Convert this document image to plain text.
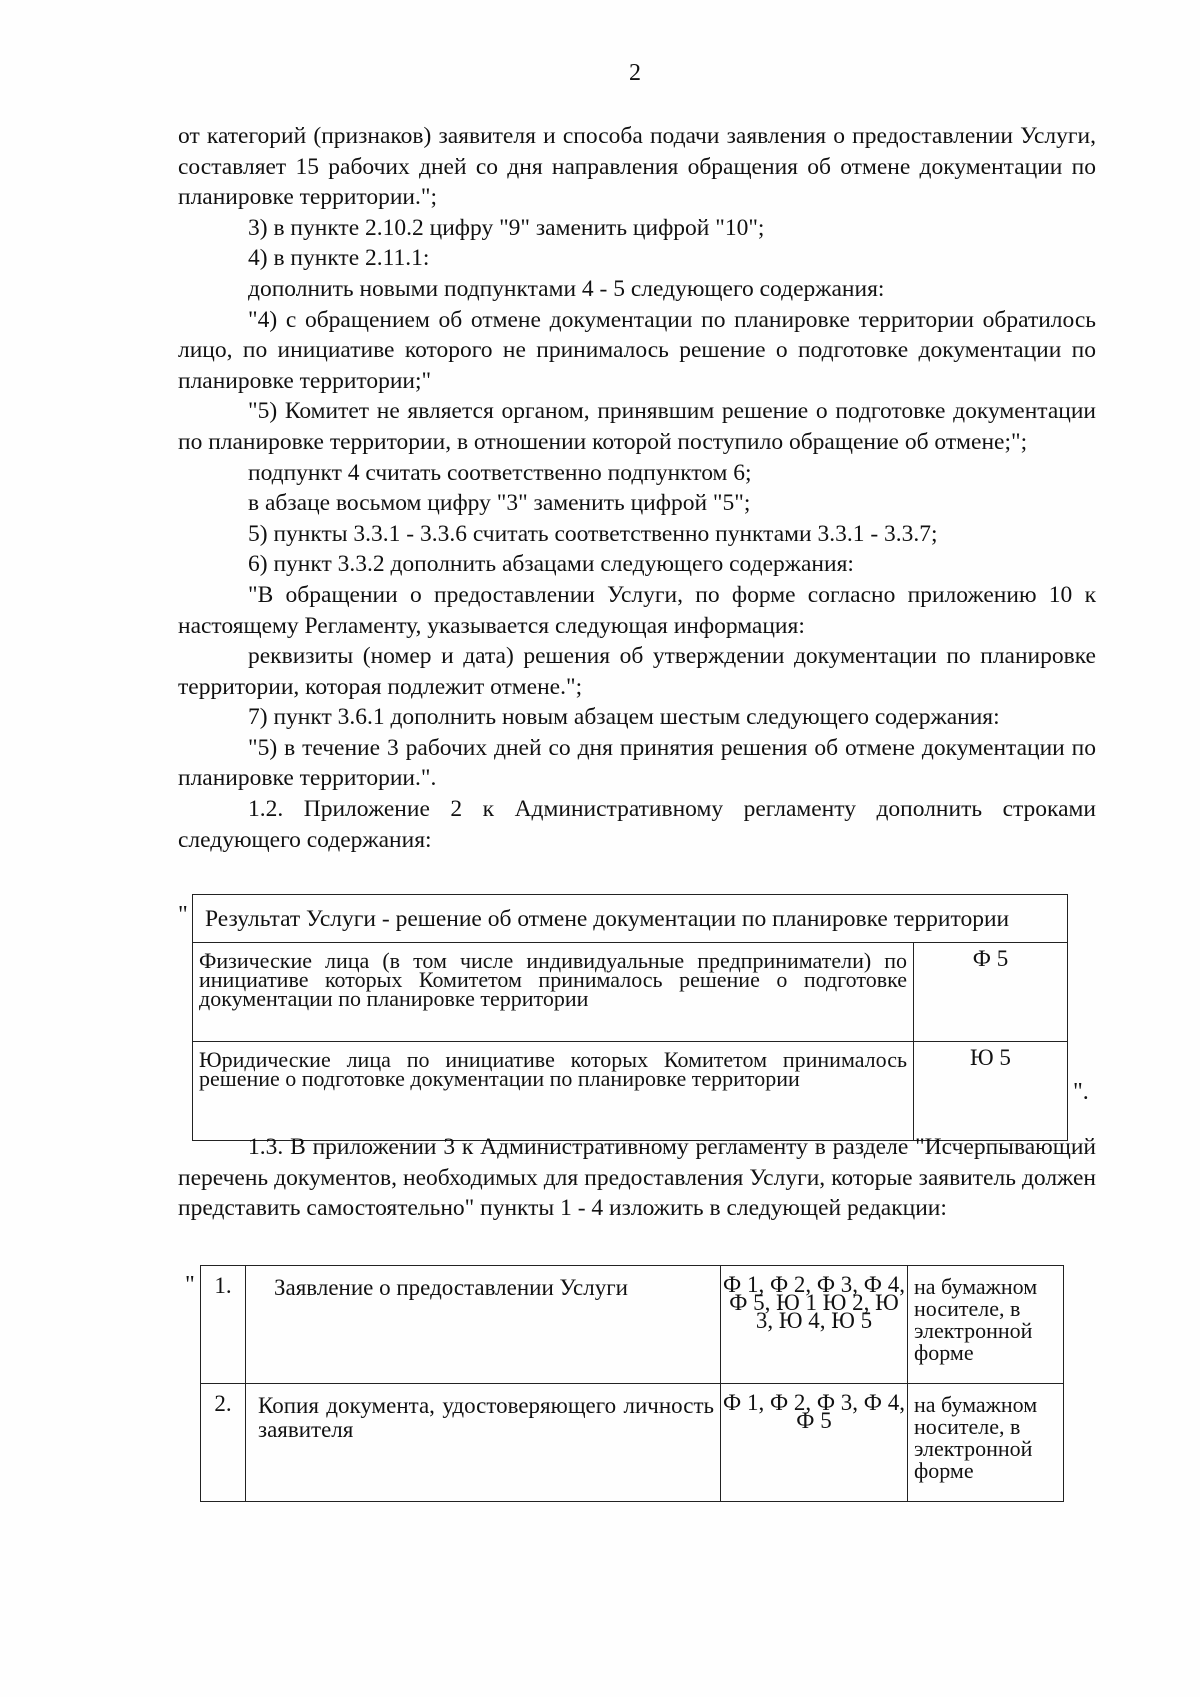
2

от категорий (признаков) заявителя и способа подачи заявления о предоставлении Услуги, составляет 15 рабочих дней со дня направления обращения об отмене документации по планировке территории.";

3) в пункте 2.10.2 цифру "9" заменить цифрой "10";

4) в пункте 2.11.1:

дополнить новыми подпунктами 4 - 5 следующего содержания:

"4) с обращением об отмене документации по планировке территории обратилось лицо, по инициативе которого не принималось решение о подготовке документации по планировке территории;"

"5) Комитет не является органом, принявшим решение о подготовке документации по планировке территории, в отношении которой поступило обращение об отмене;";

подпункт 4 считать соответственно подпунктом 6;

в абзаце восьмом цифру "3" заменить цифрой "5";

5) пункты 3.3.1 - 3.3.6 считать соответственно пунктами 3.3.1 - 3.3.7;

6) пункт 3.3.2 дополнить абзацами следующего содержания:

"В обращении о предоставлении Услуги, по форме согласно приложению 10 к настоящему Регламенту, указывается следующая информация:

реквизиты (номер и дата) решения об утверждении документации по планировке территории, которая подлежит отмене.";

7) пункт 3.6.1 дополнить новым абзацем шестым следующего содержания:

"5) в течение 3 рабочих дней со дня принятия решения об отмене документации по планировке территории.".

1.2. Приложение 2 к Административному регламенту дополнить строками следующего содержания:

" Результат Услуги - решение об отмене документации по планировке территории	
Физические лица (в том числе индивидуальные предприниматели) по инициативе которых Комитетом принималось решение о подготовке документации по планировке территории	Ф 5
Юридические лица по инициативе которых Комитетом принималось решение о подготовке документации по планировке территории	Ю 5
".

1.3. В приложении 3 к Административному регламенту в разделе "Исчерпывающий перечень документов, необходимых для предоставления Услуги, которые заявитель должен представить самостоятельно" пункты 1 - 4 изложить в следующей редакции:

" 1.	Заявление о предоставлении Услуги	Ф 1, Ф 2, Ф 3, Ф 4, Ф 5, Ю 1 Ю 2, Ю 3, Ю 4, Ю 5	на бумажном носителе, в электронной форме
2.	Копия документа, удостоверяющего личность заявителя	Ф 1, Ф 2, Ф 3, Ф 4, Ф 5	на бумажном носителе, в электронной форме
